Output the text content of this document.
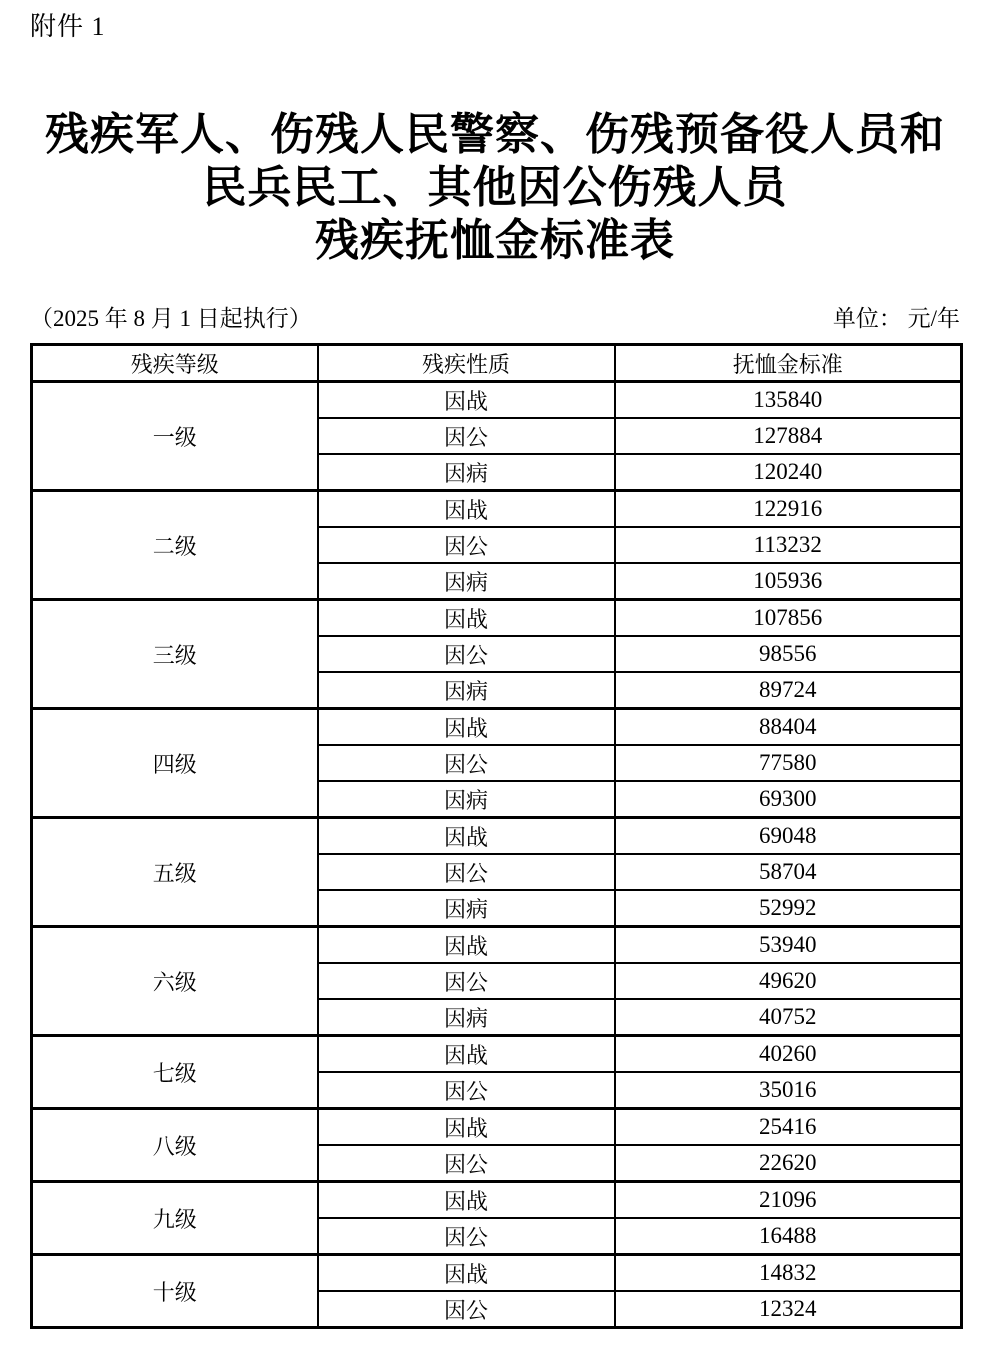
附件 1
残疾军人、伤残人民警察、伤残预备役人员和
民兵民工、其他因公伤残人员
残疾抚恤金标准表
（2025 年 8 月 1 日起执行）	单位： 元/年
残疾等级	残疾性质	抚恤金标准
一级	因战	135840
	因公	127884
	因病	120240
二级	因战	122916
	因公	113232
	因病	105936
三级	因战	107856
	因公	98556
	因病	89724
四级	因战	88404
	因公	77580
	因病	69300
五级	因战	69048
	因公	58704
	因病	52992
六级	因战	53940
	因公	49620
	因病	40752
七级	因战	40260
	因公	35016
八级	因战	25416
	因公	22620
九级	因战	21096
	因公	16488
十级	因战	14832
	因公	12324
